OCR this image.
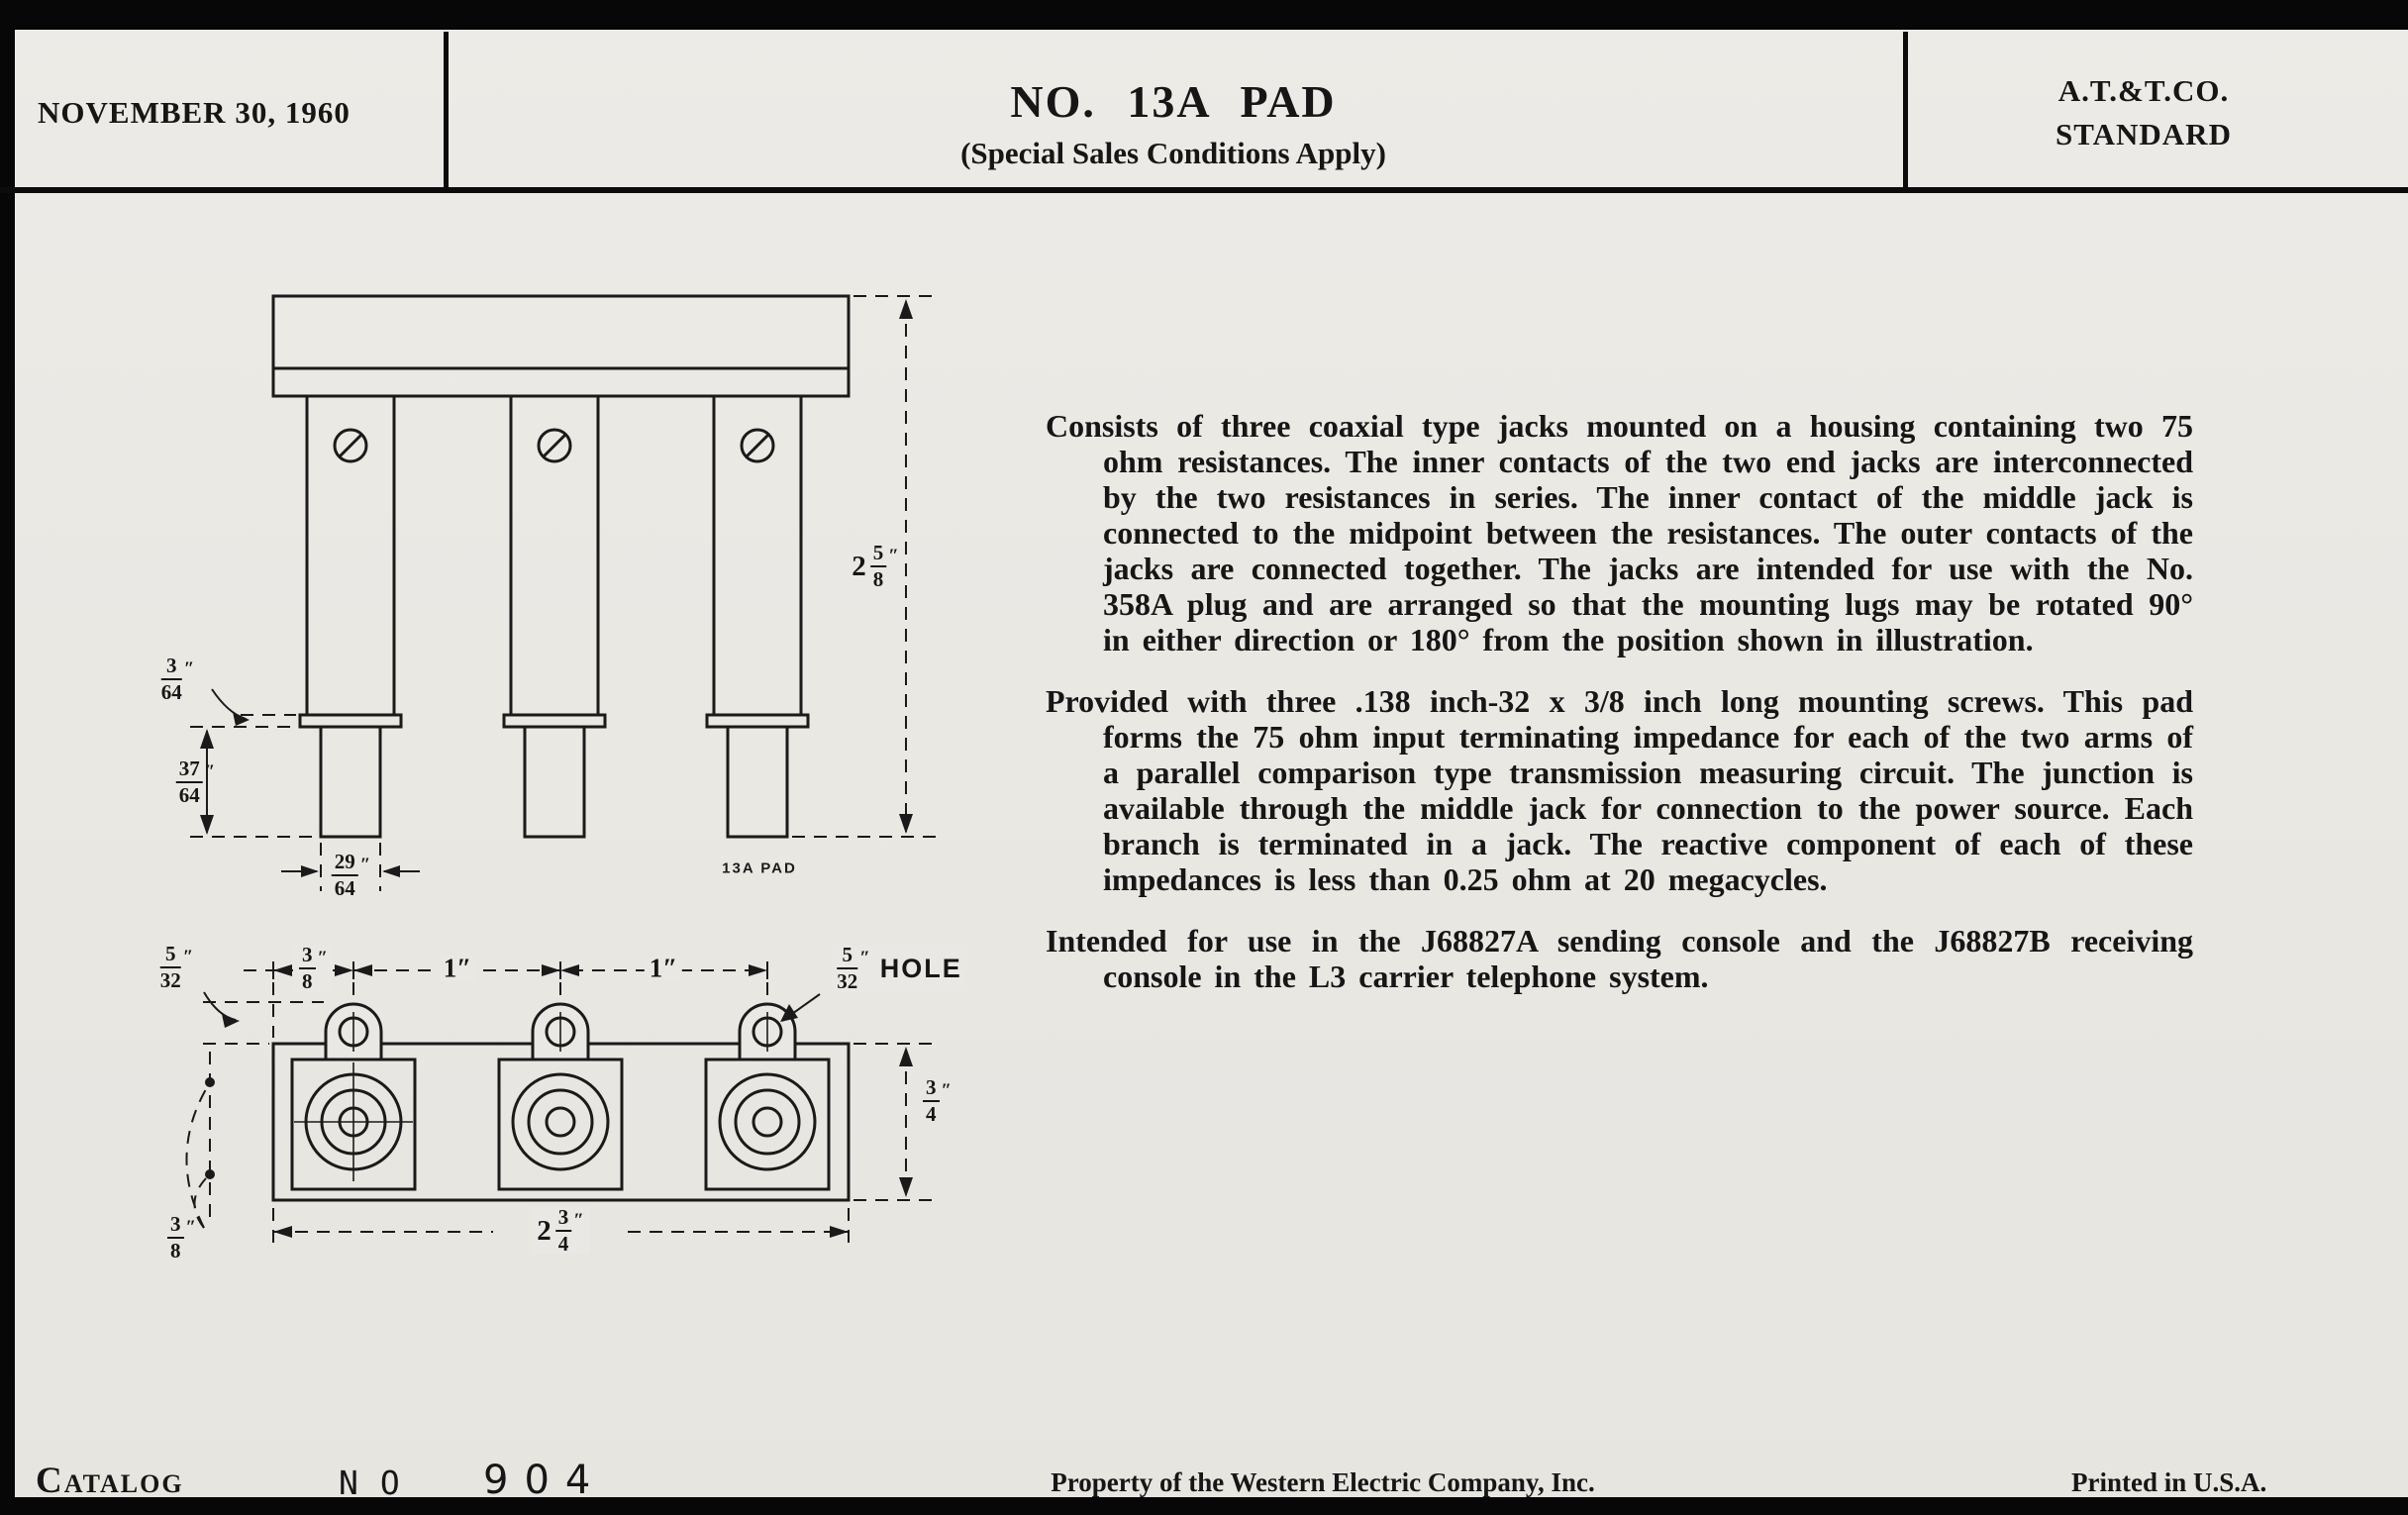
NOVEMBER 30, 1960	NO. 13A PAD
(Special Sales Conditions Apply)
A.T.&T.CO.
STANDARD
$2 \frac{5}{8}$ ″
$\frac{3}{64}$ ″
$\frac{37}{64}$ ″
$\frac{29}{64}$ ″	13A PAD
$\frac{5}{32}$ ″	$\frac{3}{8}$ ″	1″	1″	$\frac{5}{32}$ ″ HOLE
$\frac{3}{4}$ ″
$2 \frac{3}{4}$ ″
$\frac{3}{8}$ ″

Consists of three coaxial type jacks mounted on a housing containing two 75 ohm resistances. The inner contacts of the two end jacks are interconnected by the two resistances in series. The inner contact of the middle jack is connected to the midpoint between the resistances. The outer contacts of the jacks are connected together. The jacks are intended for use with the No. 358A plug and are arranged so that the mounting lugs may be rotated 90° in either direction or 180° from the position shown in illustration.

Provided with three .138 inch-32 x 3/8 inch long mounting screws. This pad forms the 75 ohm input terminating impedance for each of the two arms of a parallel comparison type transmission measuring circuit. The junction is available through the middle jack for connection to the power source. Each branch is terminated in a jack. The reactive component of each of these impedances is less than 0.25 ohm at 20 megacycles.

Intended for use in the J68827A sending console and the J68827B receiving console in the L3 carrier telephone system.

Catalog	NO 904	Property of the Western Electric Company, Inc.	Printed in U.S.A.
